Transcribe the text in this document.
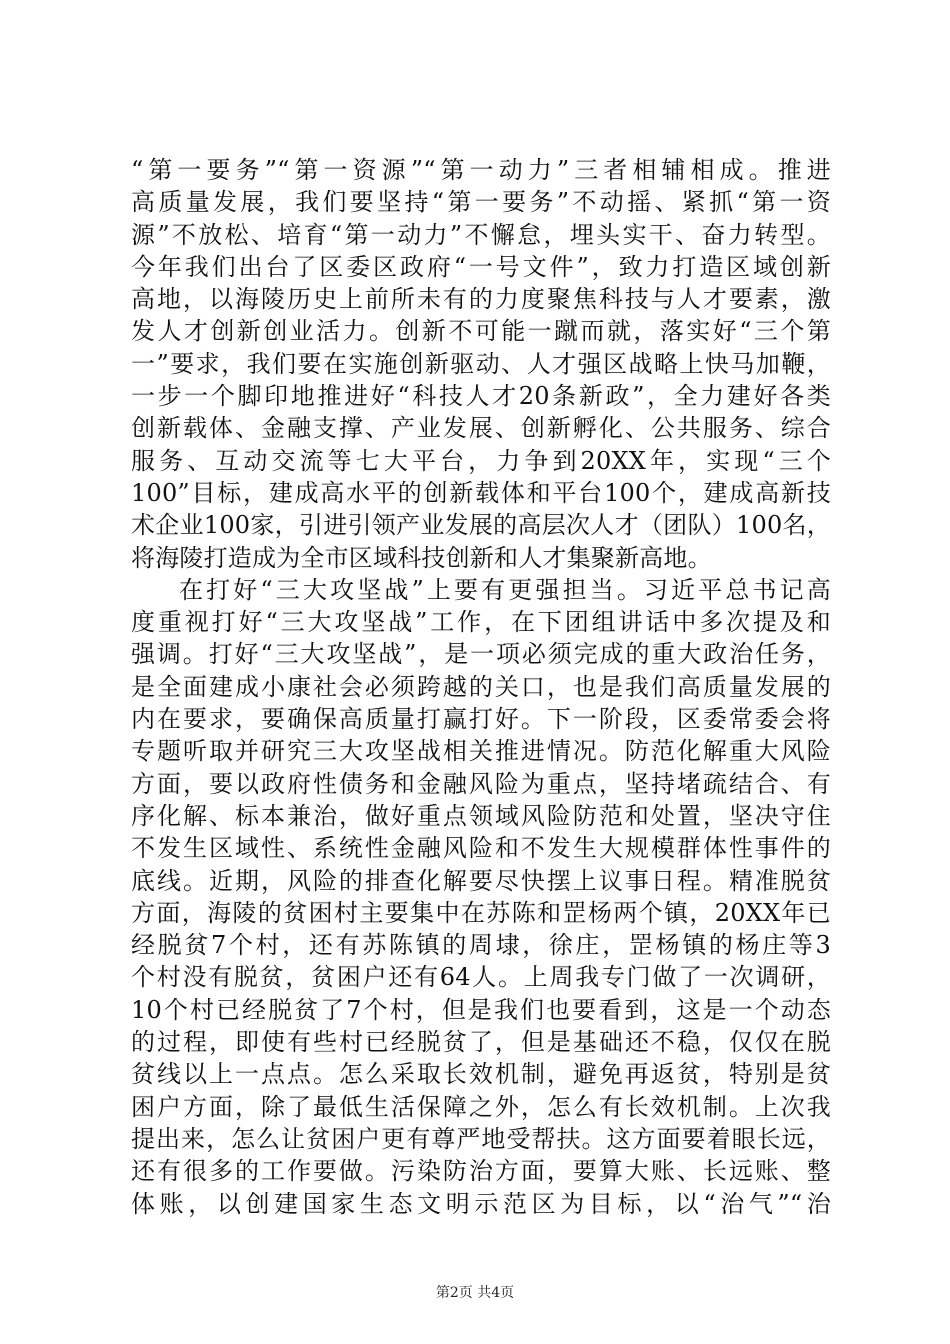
“第一要务”“第一资源”“第一动力”三者相辅相成。推进
高质量发展，我们要坚持“第一要务”不动摇、紧抓“第一资
源”不放松、培育“第一动力”不懈怠，埋头实干、奋力转型。
今年我们出台了区委区政府“一号文件”，致力打造区域创新
高地，以海陵历史上前所未有的力度聚焦科技与人才要素，激
发人才创新创业活力。创新不可能一蹴而就，落实好“三个第
一”要求，我们要在实施创新驱动、人才强区战略上快马加鞭，
一步一个脚印地推进好“科技人才20条新政”，全力建好各类
创新载体、金融支撑、产业发展、创新孵化、公共服务、综合
服务、互动交流等七大平台，力争到20XX年，实现“三个
100”目标，建成高水平的创新载体和平台100个，建成高新技
术企业100家，引进引领产业发展的高层次人才（团队）100名，
将海陵打造成为全市区域科技创新和人才集聚新高地。
在打好“三大攻坚战”上要有更强担当。习近平总书记高
度重视打好“三大攻坚战”工作，在下团组讲话中多次提及和
强调。打好“三大攻坚战”，是一项必须完成的重大政治任务，
是全面建成小康社会必须跨越的关口，也是我们高质量发展的
内在要求，要确保高质量打赢打好。下一阶段，区委常委会将
专题听取并研究三大攻坚战相关推进情况。防范化解重大风险
方面，要以政府性债务和金融风险为重点，坚持堵疏结合、有
序化解、标本兼治，做好重点领域风险防范和处置，坚决守住
不发生区域性、系统性金融风险和不发生大规模群体性事件的
底线。近期，风险的排查化解要尽快摆上议事日程。精准脱贫
方面，海陵的贫困村主要集中在苏陈和罡杨两个镇，20XX年已
经脱贫7个村，还有苏陈镇的周埭，徐庄，罡杨镇的杨庄等3
个村没有脱贫，贫困户还有64人。上周我专门做了一次调研，
10个村已经脱贫了7个村，但是我们也要看到，这是一个动态
的过程，即使有些村已经脱贫了，但是基础还不稳，仅仅在脱
贫线以上一点点。怎么采取长效机制，避免再返贫，特别是贫
困户方面，除了最低生活保障之外，怎么有长效机制。上次我
提出来，怎么让贫困户更有尊严地受帮扶。这方面要着眼长远，
还有很多的工作要做。污染防治方面，要算大账、长远账、整
体账，以创建国家生态文明示范区为目标，以“治气”“治
第2页 共4页
